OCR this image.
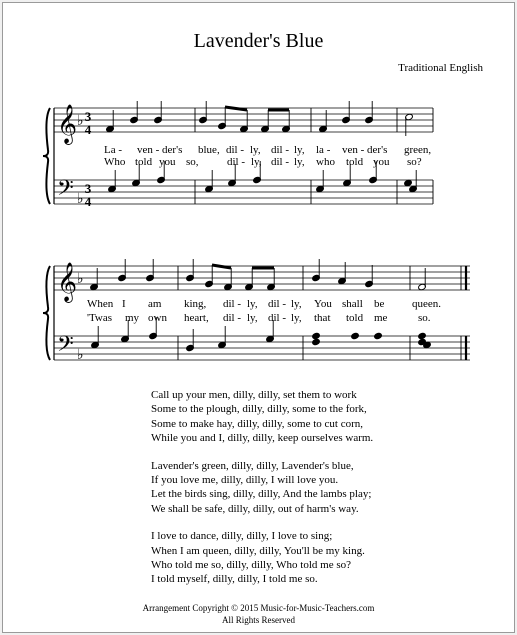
Lavender's Blue
Traditional English
𝄞
𝄢
♭
♭
𝄞
𝄢
♭
♭
3
4
3
4
La - ven - der's blue, dil - ly, dil - ly, la - ven - der's green,
Who told you so,	dil - ly, dil - ly, who told you so?
When I am king, dil - ly, dil - ly, You shall be	queen.
'Twas my own heart, dil - ly, dil - ly, that told me	so.
Call up your men, dilly, dilly, set them to work
Some to the plough, dilly, dilly, some to the fork,
Some to make hay, dilly, dilly, some to cut corn,
While you and I, dilly, dilly, keep ourselves warm.
Lavender's green, dilly, dilly, Lavender's blue,
If you love me, dilly, dilly, I will love you.
Let the birds sing, dilly, dilly, And the lambs play;
We shall be safe, dilly, dilly, out of harm's way.
I love to dance, dilly, dilly, I love to sing;
When I am queen, dilly, dilly, You'll be my king.
Who told me so, dilly, dilly, Who told me so?
I told myself, dilly, dilly, I told me so.
Arrangement Copyright © 2015 Music-for-Music-Teachers.com
All Rights Reserved
